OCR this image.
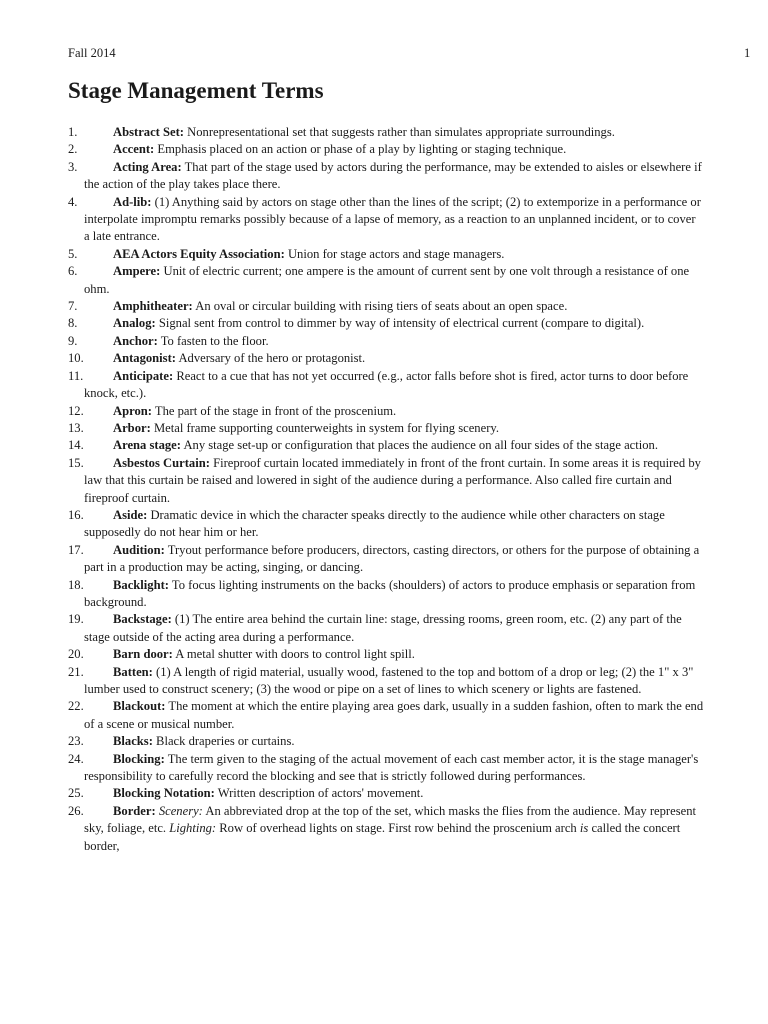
Fall 2014	1
Stage Management Terms
1.	Abstract Set: Nonrepresentational set that suggests rather than simulates appropriate surroundings.
2.	Accent: Emphasis placed on an action or phase of a play by lighting or staging technique.
3.	Acting Area: That part of the stage used by actors during the performance, may be extended to aisles or elsewhere if the action of the play takes place there.
4.	Ad-lib: (1) Anything said by actors on stage other than the lines of the script; (2) to extemporize in a performance or interpolate impromptu remarks possibly because of a lapse of memory, as a reaction to an unplanned incident, or to cover a late entrance.
5.	AEA Actors Equity Association: Union for stage actors and stage managers.
6.	Ampere: Unit of electric current; one ampere is the amount of current sent by one volt through a resistance of one ohm.
7.	Amphitheater: An oval or circular building with rising tiers of seats about an open space.
8.	Analog: Signal sent from control to dimmer by way of intensity of electrical current (compare to digital).
9.	Anchor: To fasten to the floor.
10. Antagonist: Adversary of the hero or protagonist.
11. Anticipate: React to a cue that has not yet occurred (e.g., actor falls before shot is fired, actor turns to door before knock, etc.).
12. Apron: The part of the stage in front of the proscenium.
13. Arbor: Metal frame supporting counterweights in system for flying scenery.
14. Arena stage: Any stage set-up or configuration that places the audience on all four sides of the stage action.
15. Asbestos Curtain: Fireproof curtain located immediately in front of the front curtain. In some areas it is required by law that this curtain be raised and lowered in sight of the audience during a performance. Also called fire curtain and fireproof curtain.
16. Aside: Dramatic device in which the character speaks directly to the audience while other characters on stage supposedly do not hear him or her.
17. Audition: Tryout performance before producers, directors, casting directors, or others for the purpose of obtaining a part in a production may be acting, singing, or dancing.
18. Backlight: To focus lighting instruments on the backs (shoulders) of actors to produce emphasis or separation from background.
19. Backstage: (1) The entire area behind the curtain line: stage, dressing rooms, green room, etc. (2) any part of the stage outside of the acting area during a performance.
20. Barn door: A metal shutter with doors to control light spill.
21. Batten: (1) A length of rigid material, usually wood, fastened to the top and bottom of a drop or leg; (2) the 1" x 3" lumber used to construct scenery; (3) the wood or pipe on a set of lines to which scenery or lights are fastened.
22. Blackout: The moment at which the entire playing area goes dark, usually in a sudden fashion, often to mark the end of a scene or musical number.
23. Blacks: Black draperies or curtains.
24. Blocking: The term given to the staging of the actual movement of each cast member actor, it is the stage manager's responsibility to carefully record the blocking and see that is strictly followed during performances.
25. Blocking Notation: Written description of actors' movement.
26. Border: Scenery: An abbreviated drop at the top of the set, which masks the flies from the audience. May represent sky, foliage, etc. Lighting: Row of overhead lights on stage. First row behind the proscenium arch is called the concert border,
